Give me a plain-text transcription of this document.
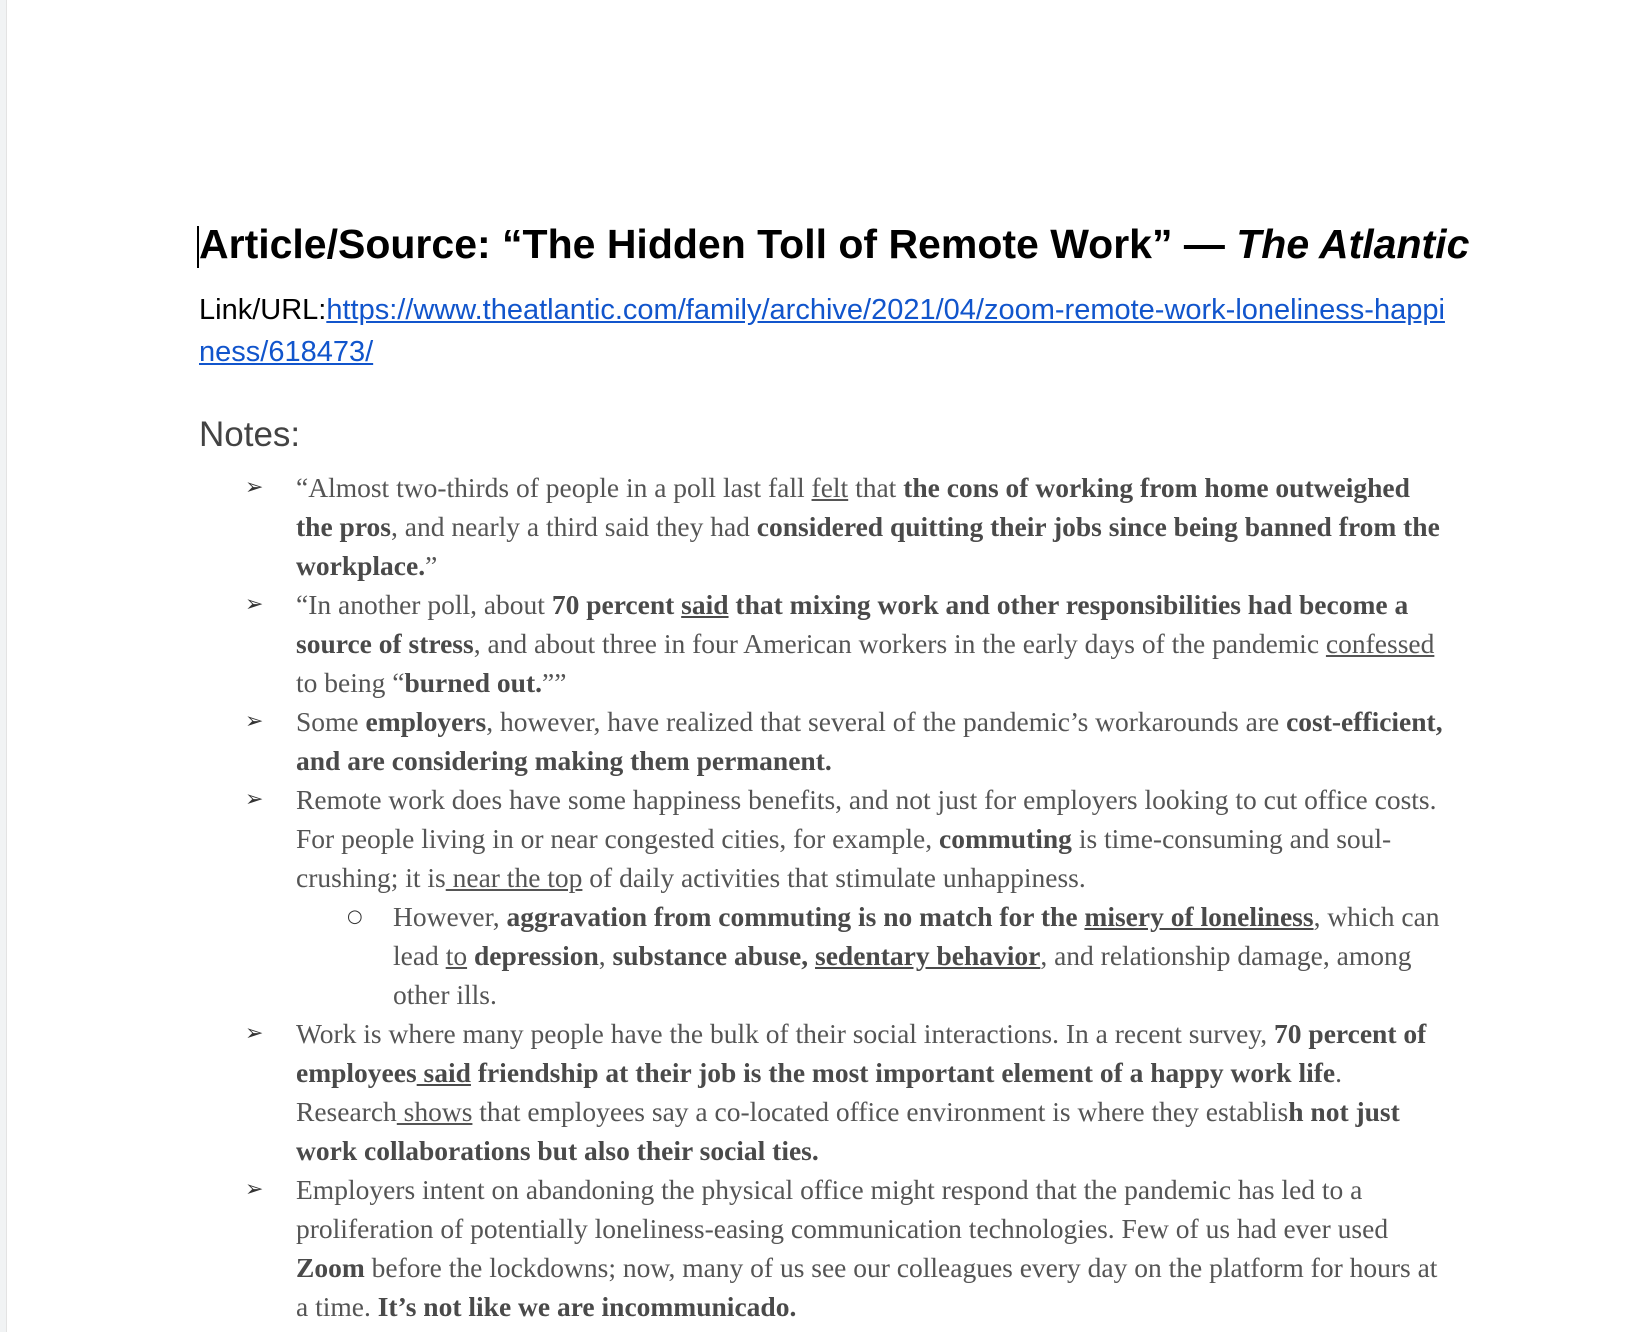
Article/Source: “The Hidden Toll of Remote Work” — The Atlantic
Link/URL:https://www.theatlantic.com/family/archive/2021/04/zoom-remote-work-loneliness-happiness/618473/
Notes:
➢ “Almost two-thirds of people in a poll last fall felt that the cons of working from home outweighed the pros, and nearly a third said they had considered quitting their jobs since being banned from the workplace.”
➢ “In another poll, about 70 percent said that mixing work and other responsibilities had become a source of stress, and about three in four American workers in the early days of the pandemic confessed to being “burned out.””
➢ Some employers, however, have realized that several of the pandemic’s workarounds are cost-efficient, and are considering making them permanent.
➢ Remote work does have some happiness benefits, and not just for employers looking to cut office costs. For people living in or near congested cities, for example, commuting is time-consuming and soul-crushing; it is near the top of daily activities that stimulate unhappiness.
○ However, aggravation from commuting is no match for the misery of loneliness, which can lead to depression, substance abuse, sedentary behavior, and relationship damage, among other ills.
➢ Work is where many people have the bulk of their social interactions. In a recent survey, 70 percent of employees said friendship at their job is the most important element of a happy work life. Research shows that employees say a co-located office environment is where they establish not just work collaborations but also their social ties.
➢ Employers intent on abandoning the physical office might respond that the pandemic has led to a proliferation of potentially loneliness-easing communication technologies. Few of us had ever used Zoom before the lockdowns; now, many of us see our colleagues every day on the platform for hours at a time. It’s not like we are incommunicado.
